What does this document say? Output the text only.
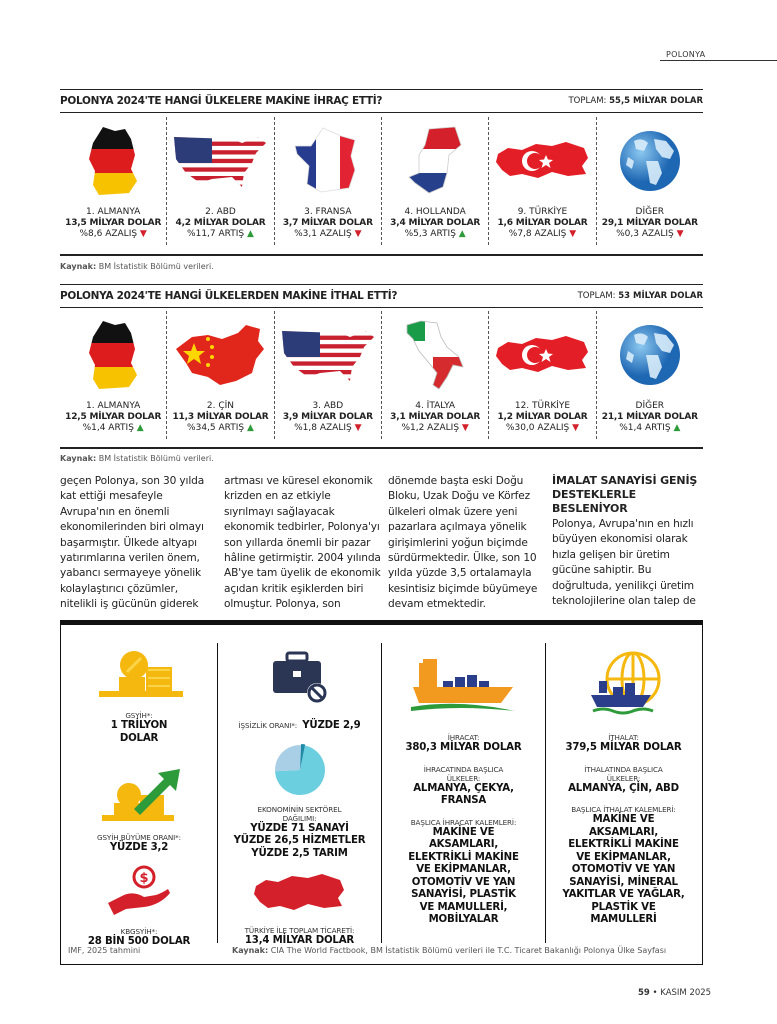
POLONYA
POLONYA 2024'TE HANGİ ÜLKELERE MAKİNE İHRAÇ ETTİ?	TOPLAM: 55,5 MİLYAR DOLAR
1. ALMANYA
13,5 MİLYAR DOLAR
%8,6 AZALIŞ ▼
2. ABD
4,2 MİLYAR DOLAR
%11,7 ARTIŞ ▲
3. FRANSA
3,7 MİLYAR DOLAR
%3,1 AZALIŞ ▼
4. HOLLANDA
3,4 MİLYAR DOLAR
%5,3 ARTIŞ ▲
9. TÜRKİYE
1,6 MİLYAR DOLAR
%7,8 AZALIŞ ▼
DİĞER
29,1 MİLYAR DOLAR
%0,3 AZALIŞ ▼
Kaynak: BM İstatistik Bölümü verileri.
POLONYA 2024'TE HANGİ ÜLKELERDEN MAKİNE İTHAL ETTİ?	TOPLAM: 53 MİLYAR DOLAR
1. ALMANYA
12,5 MİLYAR DOLAR
%1,4 ARTIŞ ▲
2. ÇİN
11,3 MİLYAR DOLAR
%34,5 ARTIŞ ▲
3. ABD
3,9 MİLYAR DOLAR
%1,8 AZALIŞ ▼
4. İTALYA
3,1 MİLYAR DOLAR
%1,2 AZALIŞ ▼
12. TÜRKİYE
1,2 MİLYAR DOLAR
%30,0 AZALIŞ ▼
DİĞER
21,1 MİLYAR DOLAR
%1,4 ARTIŞ ▲
Kaynak: BM İstatistik Bölümü verileri.
geçen Polonya, son 30 yılda kat ettiği mesafeyle Avrupa'nın en önemli ekonomilerinden biri olmayı başarmıştır. Ülkede altyapı yatırımlarına verilen önem, yabancı sermayeye yönelik kolaylaştırıcı çözümler, nitelikli iş gücünün giderek
artması ve küresel ekonomik krizden en az etkiyle sıyrılmayı sağlayacak ekonomik tedbirler, Polonya'yı son yıllarda önemli bir pazar hâline getirmiştir. 2004 yılında AB'ye tam üyelik de ekonomik açıdan kritik eşiklerden biri olmuştur. Polonya, son
dönemde başta eski Doğu Bloku, Uzak Doğu ve Körfez ülkeleri olmak üzere yeni pazarlara açılmaya yönelik girişimlerini yoğun biçimde sürdürmektedir. Ülke, son 10 yılda yüzde 3,5 ortalamayla kesintisiz biçimde büyümeye devam etmektedir.
İMALAT SANAYİSİ GENİŞ DESTEKLERLE BESLENİYOR
Polonya, Avrupa'nın en hızlı büyüyen ekonomisi olarak hızla gelişen bir üretim gücüne sahiptir. Bu doğrultuda, yenilikçi üretim teknolojilerine olan talep de
GSYİH*:
1 TRİLYON DOLAR
GSYİH BÜYÜME ORANI*:
YÜZDE 3,2
$
KBGSYİH*:
28 BİN 500 DOLAR
İŞSİZLİK ORANI*: YÜZDE 2,9
EKONOMİNİN SEKTÖREL DAĞILIMI:
YÜZDE 71 SANAYİ
YÜZDE 26,5 HİZMETLER
YÜZDE 2,5 TARIM
TÜRKİYE İLE TOPLAM TİCARETİ:
13,4 MİLYAR DOLAR
İHRACAT:
380,3 MİLYAR DOLAR
İHRACATINDA BAŞLICA ÜLKELER:
ALMANYA, ÇEKYA, FRANSA
BAŞLICA İHRACAT KALEMLERİ:
MAKİNE VE AKSAMLARI, ELEKTRİKLİ MAKİNE VE EKİPMANLAR, OTOMOTİV VE YAN SANAYİSİ, PLASTİK VE MAMULLERİ, MOBİLYALAR
İTHALAT:
379,5 MİLYAR DOLAR
İTHALATINDA BAŞLICA ÜLKELER:
ALMANYA, ÇİN, ABD
BAŞLICA İTHALAT KALEMLERİ:
MAKİNE VE AKSAMLARI, ELEKTRİKLİ MAKİNE VE EKİPMANLAR, OTOMOTİV VE YAN SANAYİSİ, MİNERAL YAKITLAR VE YAĞLAR, PLASTİK VE MAMULLERİ
IMF, 2025 tahmini	Kaynak: CIA The World Factbook, BM İstatistik Bölümü verileri ile T.C. Ticaret Bakanlığı Polonya Ülke Sayfası
59 • KASIM 2025
